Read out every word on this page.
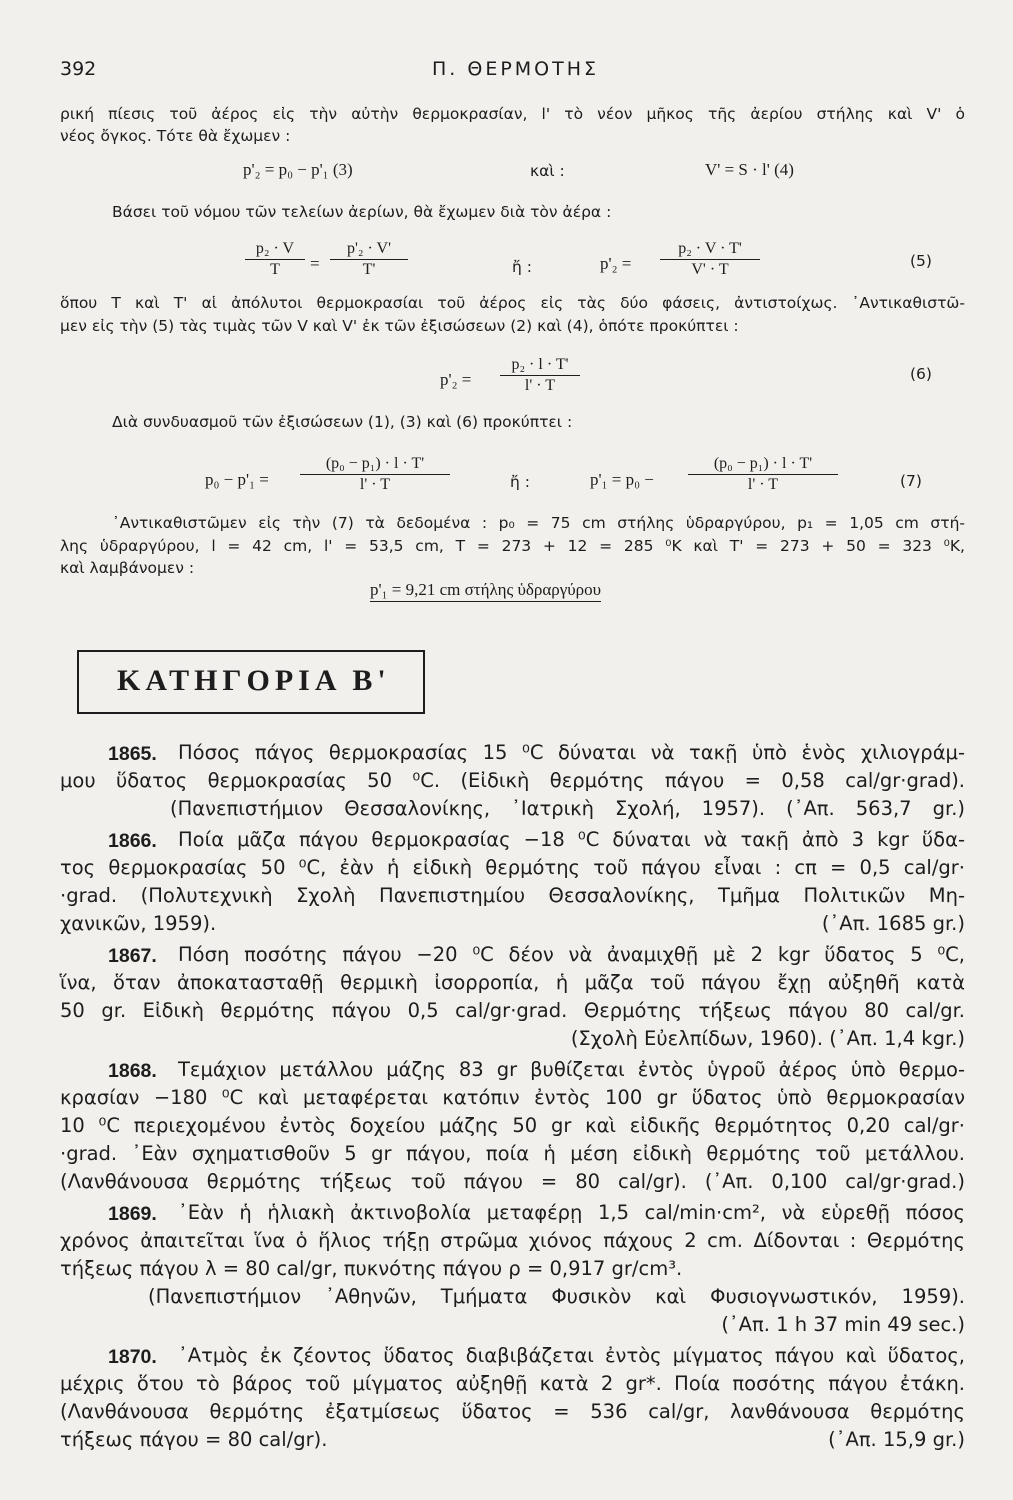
392	Π. ΘΕΡΜΟΤΗΣ
ρική πίεσις τοῦ ἀέρος εἰς τὴν αὐτὴν θερμοκρασίαν, l' τὸ νέον μῆκος τῆς ἀερίου στήλης καὶ V' ὁ
νέος ὄγκος. Τότε θὰ ἔχωμεν :
p'₂ = p₀ − p'₁ (3)	καὶ :	V' = S · l' (4)
Βάσει τοῦ νόμου τῶν τελείων ἀερίων, θὰ ἔχωμεν διὰ τὸν ἀέρα :
$\frac{\text{p₂ · V}}{T} = \frac{\text{p'₂ · V'}}{T'}$	ἤ :	$p'_2 = \frac{\text{p₂ · V · T'}}{V' \cdot T}$	(5)
ὅπου T καὶ T' αἱ ἀπόλυτοι θερμοκρασίαι τοῦ ἀέρος εἰς τὰς δύο φάσεις, ἀντιστοίχως. ᾿Αντικαθιστῶ-
μεν εἰς τὴν (5) τὰς τιμὰς τῶν V καὶ V' ἐκ τῶν ἐξισώσεων (2) καὶ (4), ὁπότε προκύπτει :
$p'_2 = \frac{\text{p₂ · l · T'}}{l' \cdot T}$	(6)
Διὰ συνδυασμοῦ τῶν ἐξισώσεων (1), (3) καὶ (6) προκύπτει :
$p_0 - p'_1 = \frac{\text{(p₀ − p₁) · l · T'}}{l' \cdot T}$	ἤ :	$p'_1 = p_0 - \frac{\text{(p₀ − p₁) · l · T'}}{l' \cdot T}$	(7)
᾿Αντικαθιστῶμεν εἰς τὴν (7) τὰ δεδομένα : p₀ = 75 cm στήλης ὑδραργύρου, p₁ = 1,05 cm στή-
λης ὑδραργύρου, l = 42 cm, l' = 53,5 cm, T = 273 + 12 = 285 ⁰K καὶ T' = 273 + 50 = 323 ⁰K,
καὶ λαμβάνομεν :
p'₁ = 9,21 cm στήλης ὑδραργύρου
ΚΑΤΗΓΟΡΙΑ Β'
1865. Πόσος πάγος θερμοκρασίας 15 ⁰C δύναται νὰ τακῇ ὑπὸ ἑνὸς χιλιογράμ-
μου ὕδατος θερμοκρασίας 50 ⁰C. (Εἰδικὴ θερμότης πάγου = 0,58 cal/gr·grad).
(Πανεπιστήμιον Θεσσαλονίκης, ᾿Ιατρικὴ Σχολή, 1957). (᾿Απ. 563,7 gr.)
1866. Ποία μᾶζα πάγου θερμοκρασίας −18 ⁰C δύναται νὰ τακῇ ἀπὸ 3 kgr ὕδα-
τος θερμοκρασίας 50 ⁰C, ἐὰν ἡ εἰδικὴ θερμότης τοῦ πάγου εἶναι : cπ = 0,5 cal/gr·
·grad. (Πολυτεχνικὴ Σχολὴ Πανεπιστημίου Θεσσαλονίκης, Τμῆμα Πολιτικῶν Μη-
χανικῶν, 1959).	(᾿Απ. 1685 gr.)
1867. Πόση ποσότης πάγου −20 ⁰C δέον νὰ ἀναμιχθῇ μὲ 2 kgr ὕδατος 5 ⁰C,
ἵνα, ὅταν ἀποκατασταθῇ θερμικὴ ἰσορροπία, ἡ μᾶζα τοῦ πάγου ἔχῃ αὐξηθῆ κατὰ
50 gr. Εἰδικὴ θερμότης πάγου 0,5 cal/gr·grad. Θερμότης τήξεως πάγου 80 cal/gr.
(Σχολὴ Εὐελπίδων, 1960). (᾿Απ. 1,4 kgr.)
1868. Τεμάχιον μετάλλου μάζης 83 gr βυθίζεται ἐντὸς ὑγροῦ ἀέρος ὑπὸ θερμο-
κρασίαν −180 ⁰C καὶ μεταφέρεται κατόπιν ἐντὸς 100 gr ὕδατος ὑπὸ θερμοκρασίαν
10 ⁰C περιεχομένου ἐντὸς δοχείου μάζης 50 gr καὶ εἰδικῆς θερμότητος 0,20 cal/gr·
·grad. ᾿Εὰν σχηματισθοῦν 5 gr πάγου, ποία ἡ μέση εἰδικὴ θερμότης τοῦ μετάλλου.
(Λανθάνουσα θερμότης τήξεως τοῦ πάγου = 80 cal/gr). (᾿Απ. 0,100 cal/gr·grad.)
1869. ᾿Εὰν ἡ ἡλιακὴ ἀκτινοβολία μεταφέρῃ 1,5 cal/min·cm², νὰ εὑρεθῇ πόσος
χρόνος ἀπαιτεῖται ἵνα ὁ ἥλιος τήξῃ στρῶμα χιόνος πάχους 2 cm. Δίδονται : Θερμότης
τήξεως πάγου λ = 80 cal/gr, πυκνότης πάγου ρ = 0,917 gr/cm³.
(Πανεπιστήμιον ᾿Αθηνῶν, Τμήματα Φυσικὸν καὶ Φυσιογνωστικόν, 1959).
(᾿Απ. 1 h 37 min 49 sec.)
1870. ᾿Ατμὸς ἐκ ζέοντος ὕδατος διαβιβάζεται ἐντὸς μίγματος πάγου καὶ ὕδατος,
μέχρις ὅτου τὸ βάρος τοῦ μίγματος αὐξηθῇ κατὰ 2 gr*. Ποία ποσότης πάγου ἐτάκη.
(Λανθάνουσα θερμότης ἐξατμίσεως ὕδατος = 536 cal/gr, λανθάνουσα θερμότης
τήξεως πάγου = 80 cal/gr).	(᾿Απ. 15,9 gr.)
